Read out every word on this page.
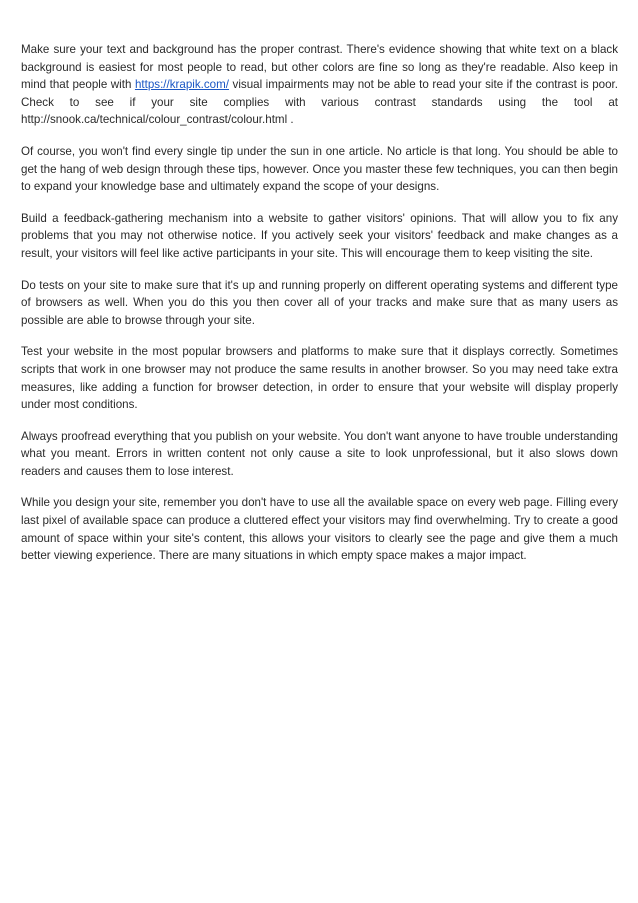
Make sure your text and background has the proper contrast. There's evidence showing that white text on a black background is easiest for most people to read, but other colors are fine so long as they're readable. Also keep in mind that people with https://krapik.com/ visual impairments may not be able to read your site if the contrast is poor. Check to see if your site complies with various contrast standards using the tool at http://snook.ca/technical/colour_contrast/colour.html .

Of course, you won't find every single tip under the sun in one article. No article is that long. You should be able to get the hang of web design through these tips, however. Once you master these few techniques, you can then begin to expand your knowledge base and ultimately expand the scope of your designs.

Build a feedback-gathering mechanism into a website to gather visitors' opinions. That will allow you to fix any problems that you may not otherwise notice. If you actively seek your visitors' feedback and make changes as a result, your visitors will feel like active participants in your site. This will encourage them to keep visiting the site.

Do tests on your site to make sure that it's up and running properly on different operating systems and different type of browsers as well. When you do this you then cover all of your tracks and make sure that as many users as possible are able to browse through your site.

Test your website in the most popular browsers and platforms to make sure that it displays correctly. Sometimes scripts that work in one browser may not produce the same results in another browser. So you may need take extra measures, like adding a function for browser detection, in order to ensure that your website will display properly under most conditions.

Always proofread everything that you publish on your website. You don't want anyone to have trouble understanding what you meant. Errors in written content not only cause a site to look unprofessional, but it also slows down readers and causes them to lose interest.

While you design your site, remember you don't have to use all the available space on every web page. Filling every last pixel of available space can produce a cluttered effect your visitors may find overwhelming. Try to create a good amount of space within your site's content, this allows your visitors to clearly see the page and give them a much better viewing experience. There are many situations in which empty space makes a major impact.
